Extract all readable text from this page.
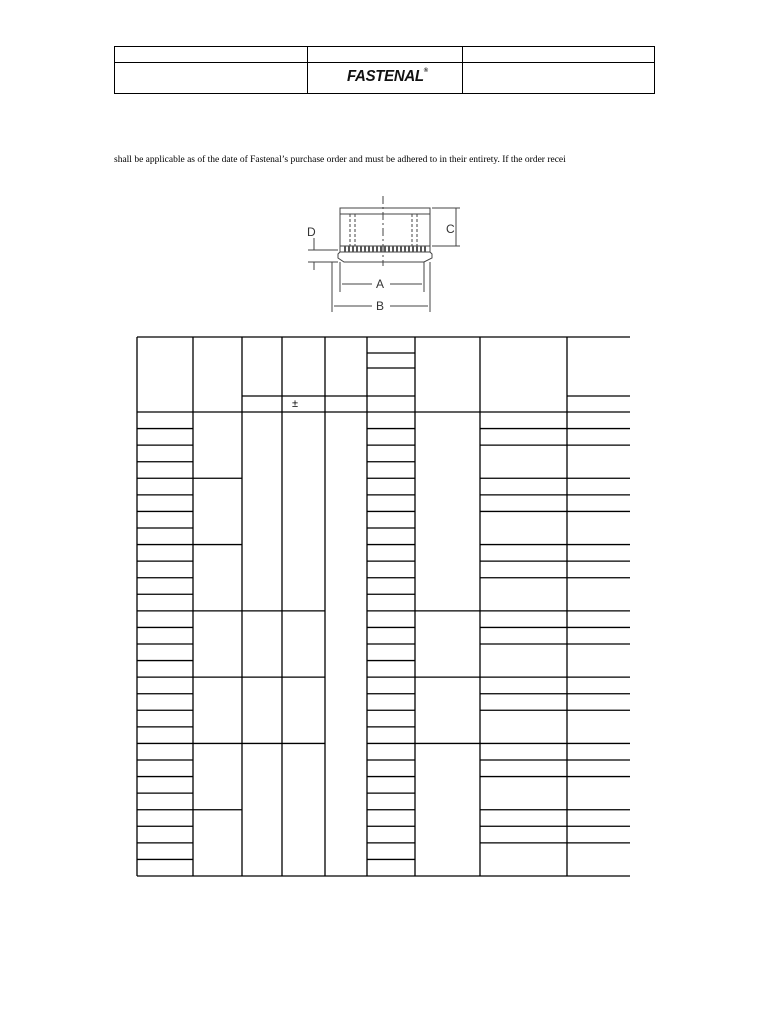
FASTENAL®
shall be applicable as of the date of Fastenal’s purchase order and must be adhered to in their entirety. If the order recei
C
D
A
B
±
